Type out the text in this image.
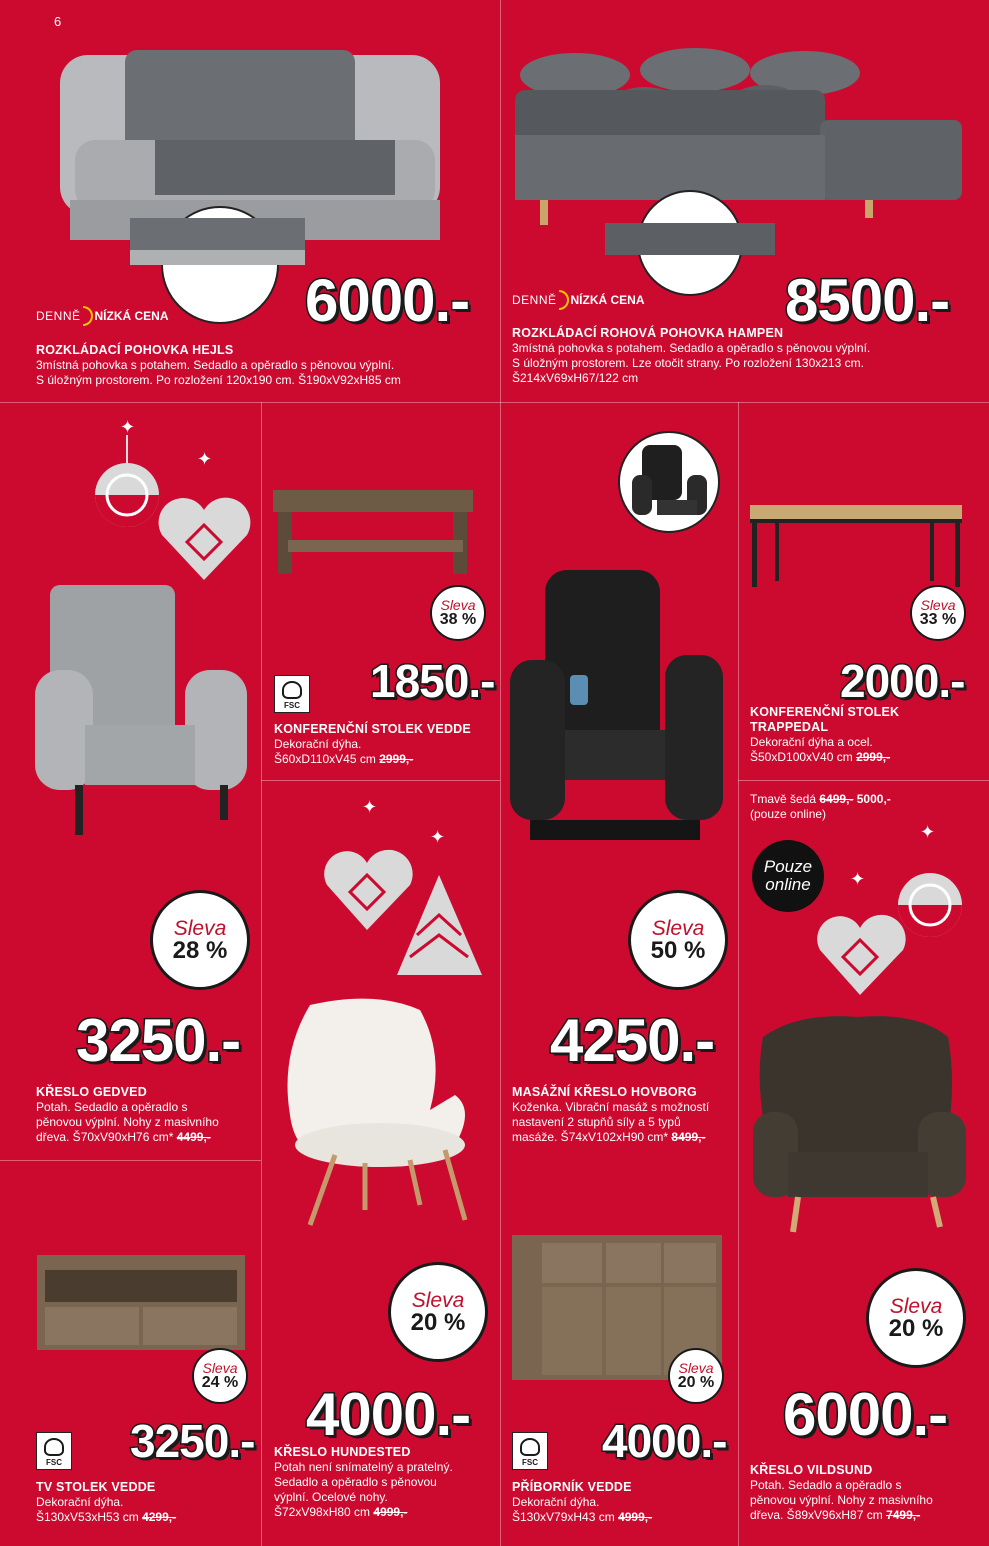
6
DENNĚ NÍZKÁ CENA 6000.-
ROZKLÁDACÍ POHOVKA HEJLS
3místná pohovka s potahem. Sedadlo a opěradlo s pěnovou výplní.
S úložným prostorem. Po rozložení 120x190 cm. Š190xV92xH85 cm
DENNĚ NÍZKÁ CENA 8500.-
ROZKLÁDACÍ ROHOVÁ POHOVKA HAMPEN
3místná pohovka s potahem. Sedadlo a opěradlo s pěnovou výplní.
S úložným prostorem. Lze otočit strany. Po rozložení 130x213 cm.
Š214xV69xH67/122 cm
✦
✦
Sleva
28 %
3250.-
KŘESLO GEDVED
Potah. Sedadlo a opěradlo s
pěnovou výplní. Nohy z masivního
dřeva. Š70xV90xH76 cm* 4499,-
Sleva
38 %
FSC 1850.-
KONFERENČNÍ STOLEK VEDDE
Dekorační dýha.
Š60xD110xV45 cm 2999,-
✦
✦
Sleva
20 %
4000.-
KŘESLO HUNDESTED
Potah není snímatelný a pratelný.
Sedadlo a opěradlo s pěnovou
výplní. Ocelové nohy.
Š72xV98xH80 cm 4999,-
Sleva
50 %
4250.-
MASÁŽNÍ KŘESLO HOVBORG
Koženka. Vibrační masáž s možností
nastavení 2 stupňů síly a 5 typů
masáže. Š74xV102xH90 cm* 8499,-
Sleva
33 %
2000.-
KONFERENČNÍ STOLEK
TRAPPEDAL
Dekorační dýha a ocel.
Š50xD100xV40 cm 2999,-
Tmavě šedá 6499,- 5000,-
(pouze online)
Pouze
online
✦
✦
Sleva
20 %
6000.-
KŘESLO VILDSUND
Potah. Sedadlo a opěradlo s
pěnovou výplní. Nohy z masivního
dřeva. Š89xV96xH87 cm 7499,-
Sleva
24 %
FSC 3250.-
TV STOLEK VEDDE
Dekorační dýha.
Š130xV53xH53 cm 4299,-
Sleva
20 %
FSC 4000.-
PŘÍBORNÍK VEDDE
Dekorační dýha.
Š130xV79xH43 cm 4999,-
